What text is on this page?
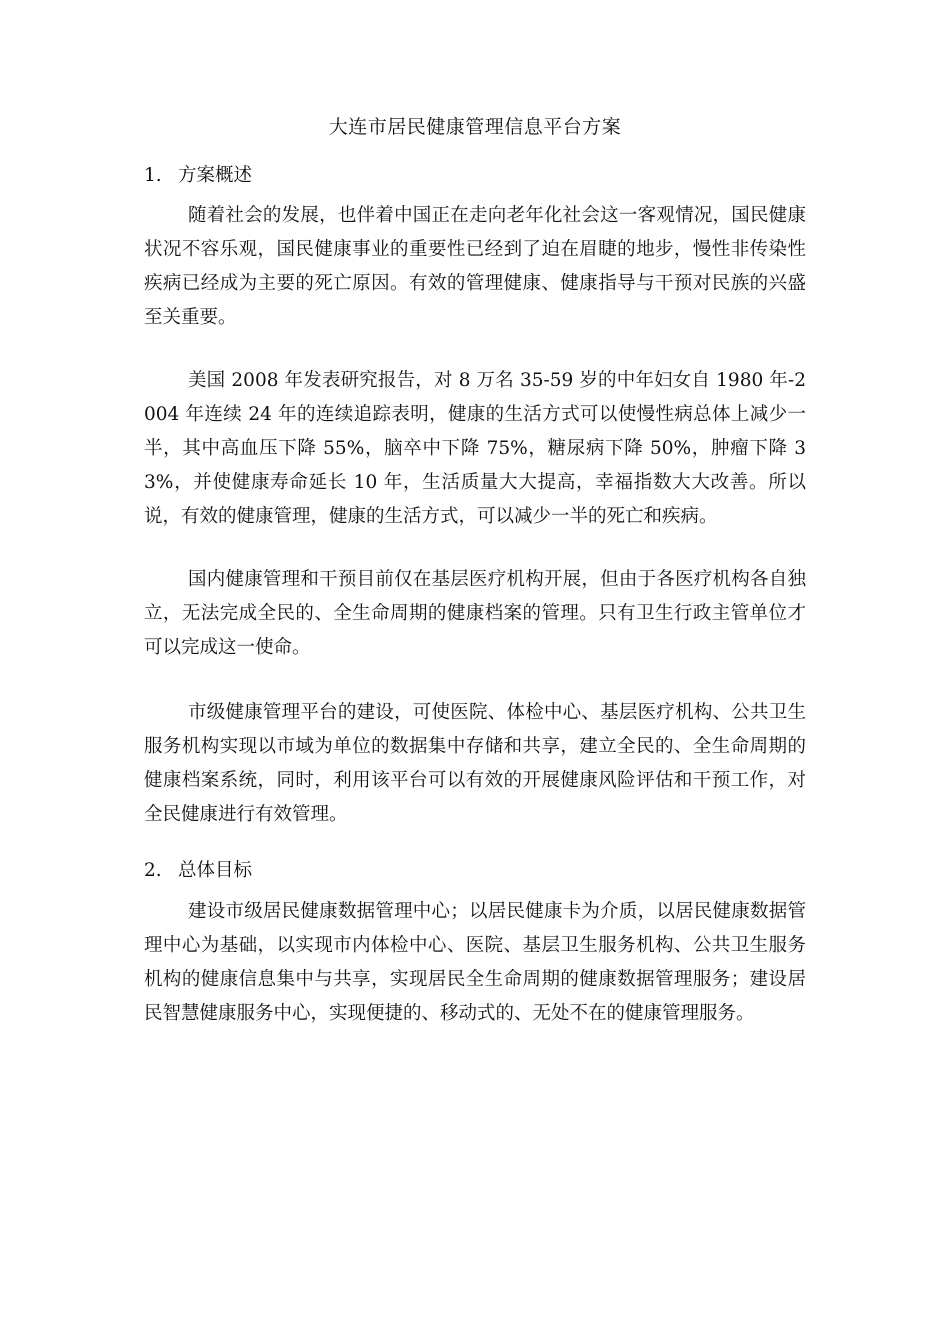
大连市居民健康管理信息平台方案
1. 方案概述

随着社会的发展，也伴着中国正在走向老年化社会这一客观情况，国民健康状况不容乐观，国民健康事业的重要性已经到了迫在眉睫的地步，慢性非传染性疾病已经成为主要的死亡原因。有效的管理健康、健康指导与干预对民族的兴盛至关重要。

美国 2008 年发表研究报告，对 8 万名 35-59 岁的中年妇女自 1980 年-2004 年连续 24 年的连续追踪表明，健康的生活方式可以使慢性病总体上减少一半，其中高血压下降 55%，脑卒中下降 75%，糖尿病下降 50%，肿瘤下降 33%，并使健康寿命延长 10 年，生活质量大大提高，幸福指数大大改善。所以说，有效的健康管理，健康的生活方式，可以减少一半的死亡和疾病。

国内健康管理和干预目前仅在基层医疗机构开展，但由于各医疗机构各自独立，无法完成全民的、全生命周期的健康档案的管理。只有卫生行政主管单位才可以完成这一使命。

市级健康管理平台的建设，可使医院、体检中心、基层医疗机构、公共卫生服务机构实现以市域为单位的数据集中存储和共享，建立全民的、全生命周期的健康档案系统，同时，利用该平台可以有效的开展健康风险评估和干预工作，对全民健康进行有效管理。

2. 总体目标

建设市级居民健康数据管理中心；以居民健康卡为介质，以居民健康数据管理中心为基础，以实现市内体检中心、医院、基层卫生服务机构、公共卫生服务机构的健康信息集中与共享，实现居民全生命周期的健康数据管理服务；建设居民智慧健康服务中心，实现便捷的、移动式的、无处不在的健康管理服务。
